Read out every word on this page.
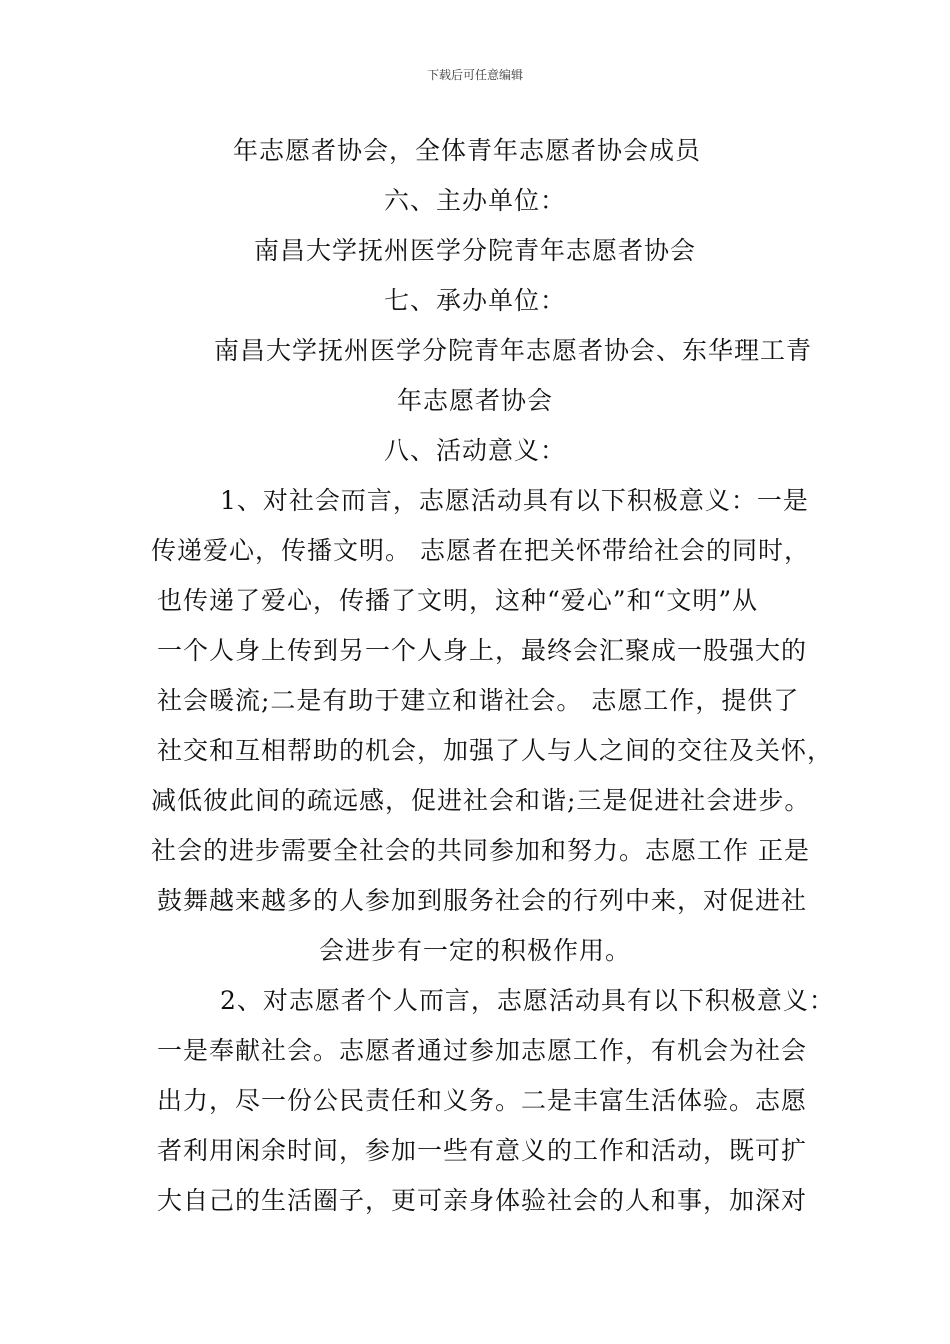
下载后可任意编辑
年志愿者协会，全体青年志愿者协会成员
六、主办单位：
南昌大学抚州医学分院青年志愿者协会
七、承办单位：
南昌大学抚州医学分院青年志愿者协会、东华理工青
年志愿者协会
八、活动意义：
1、对社会而言，志愿活动具有以下积极意义：一是
传递爱心，传播文明。 志愿者在把关怀带给社会的同时，
也传递了爱心，传播了文明，这种“爱心”和“文明”从
一个人身上传到另一个人身上，最终会汇聚成一股强大的
社会暖流;二是有助于建立和谐社会。 志愿工作，提供了
社交和互相帮助的机会，加强了人与人之间的交往及关怀，
减低彼此间的疏远感，促进社会和谐;三是促进社会进步。
社会的进步需要全社会的共同参加和努力。志愿工作 正是
鼓舞越来越多的人参加到服务社会的行列中来，对促进社
会进步有一定的积极作用。
2、对志愿者个人而言，志愿活动具有以下积极意义：
一是奉献社会。志愿者通过参加志愿工作，有机会为社会
出力，尽一份公民责任和义务。二是丰富生活体验。志愿
者利用闲余时间，参加一些有意义的工作和活动，既可扩
大自己的生活圈子，更可亲身体验社会的人和事，加深对
